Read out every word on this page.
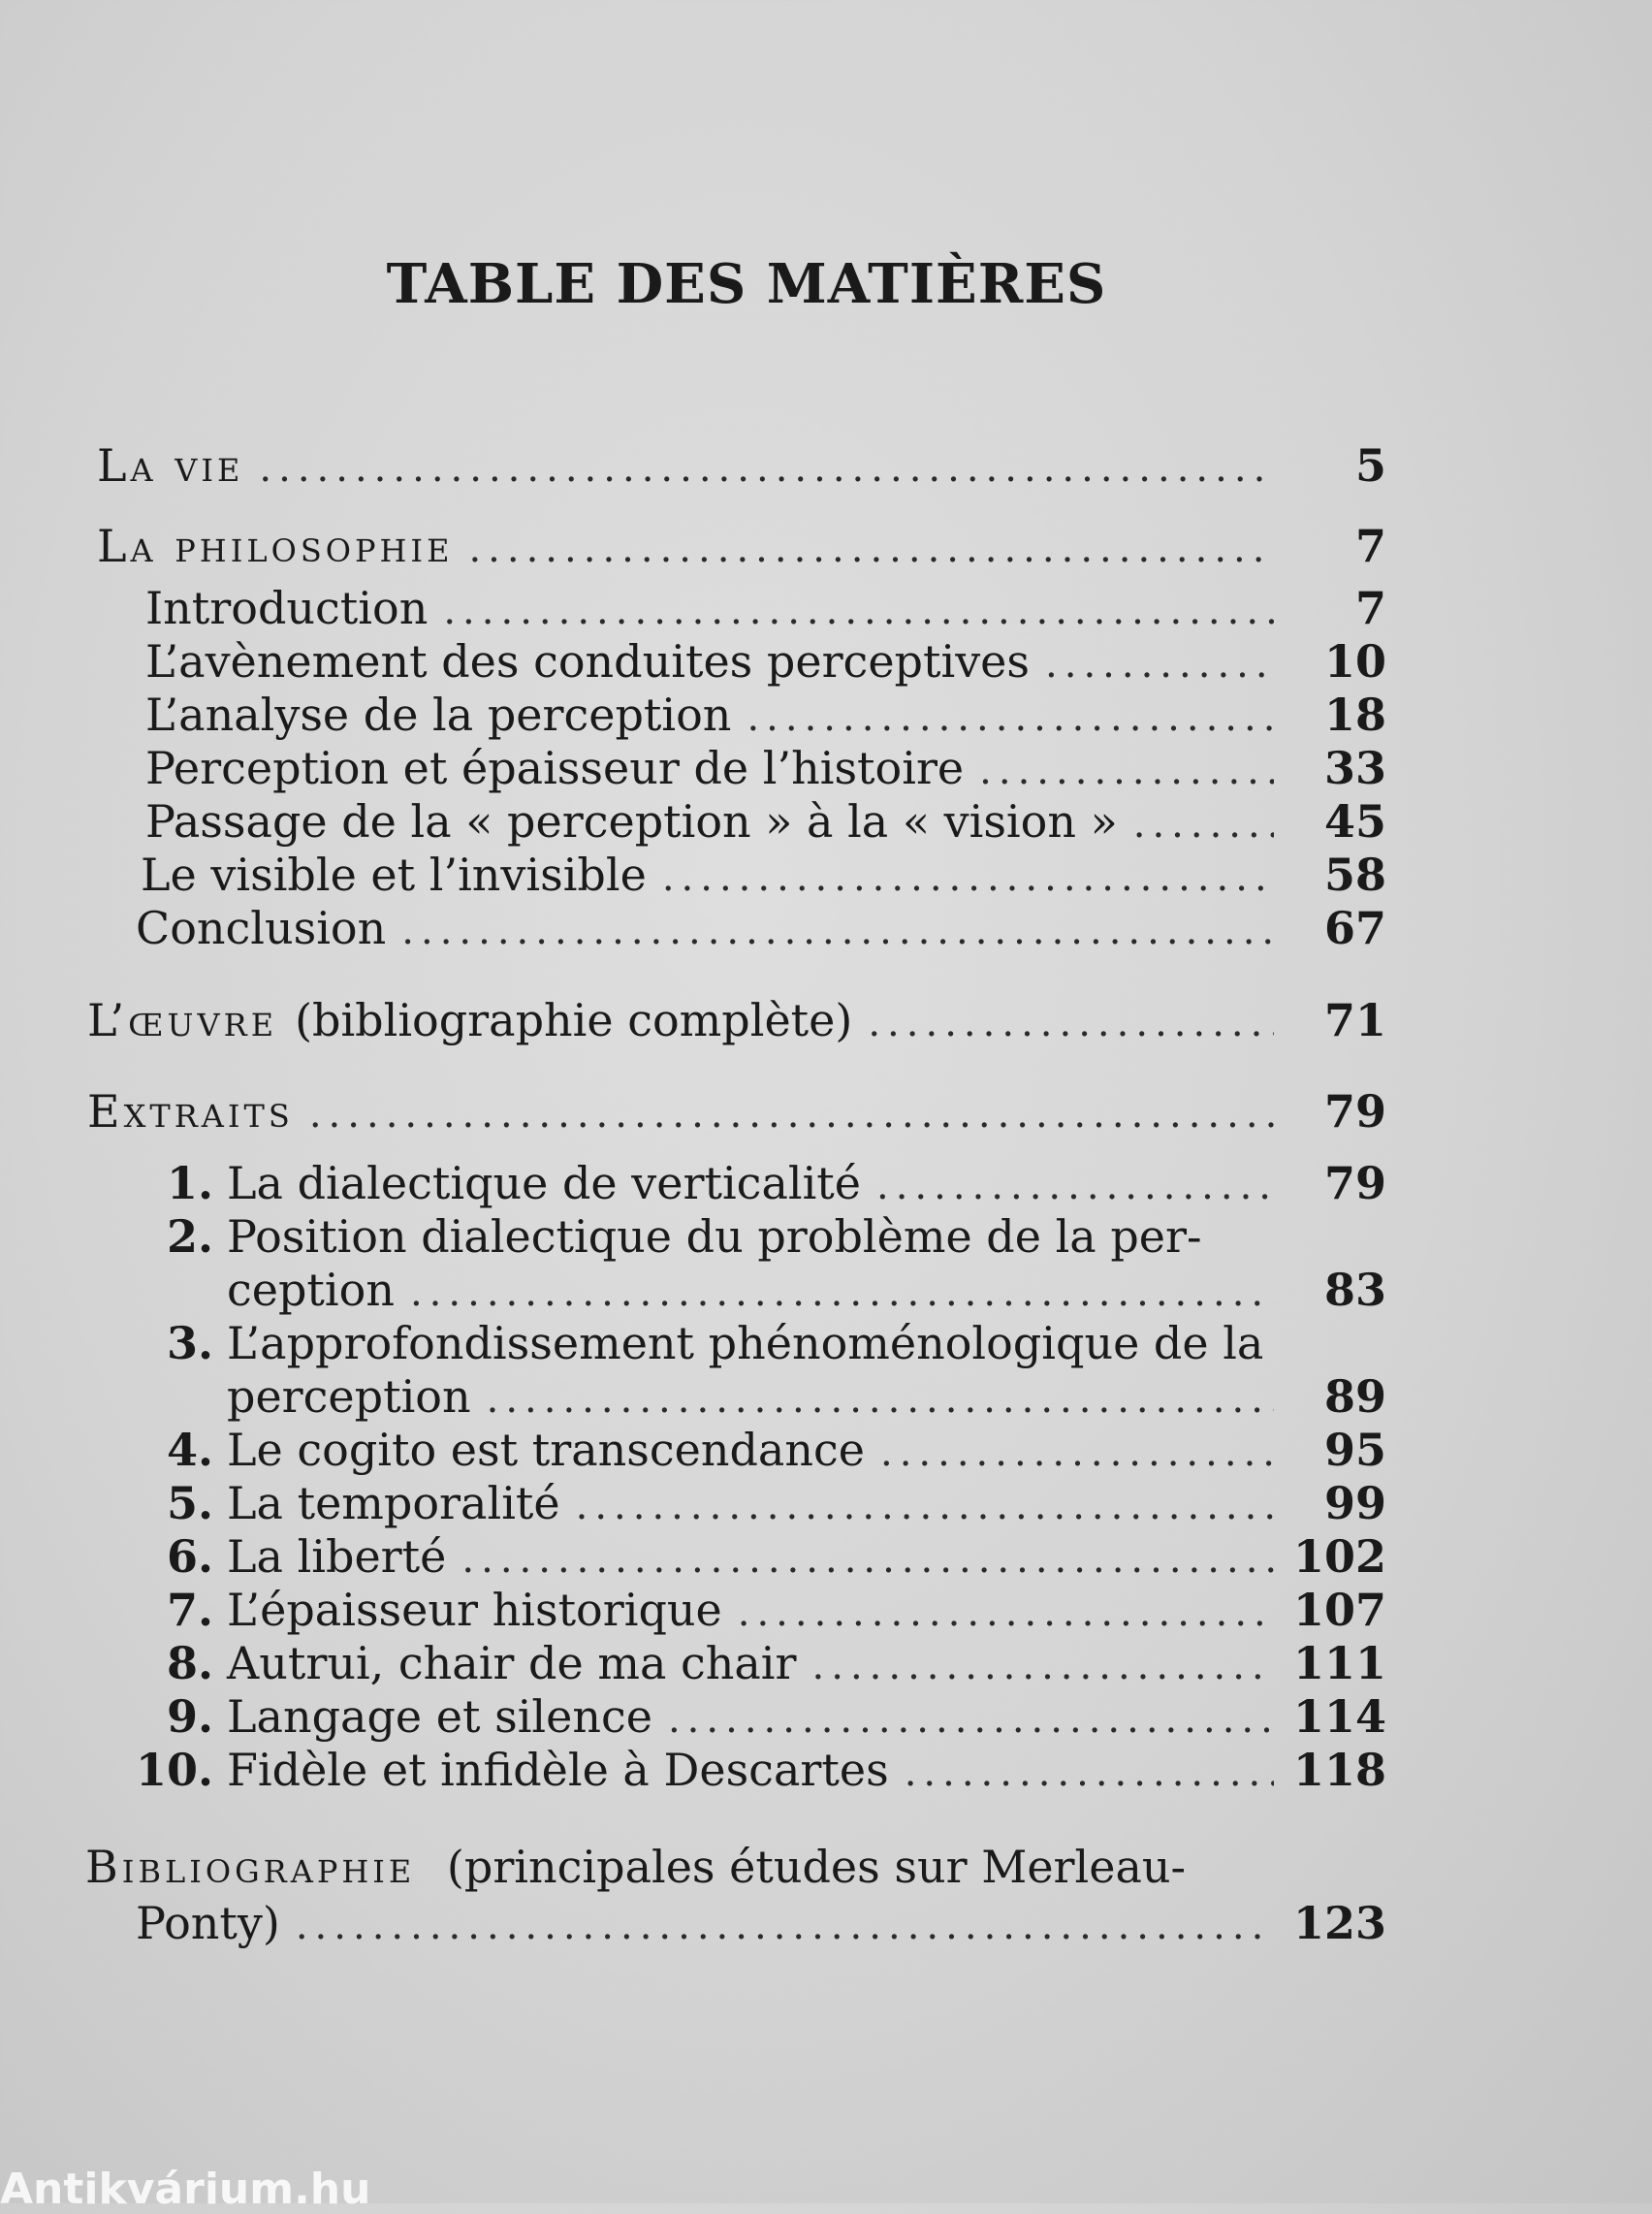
TABLE DES MATIÈRES
La vie .....	5
La philosophie .....	7
Introduction .....	7
L’avènement des conduites perceptives .....	10
L’analyse de la perception .....	18
Perception et épaisseur de l’histoire .....	33
Passage de la « perception » à la « vision » .....	45
Le visible et l’invisible .....	58
Conclusion .....	67
L’œuvre (bibliographie complète) .....	71
Extraits .....	79
1. La dialectique de verticalité .....	79
2. Position dialectique du problème de la per-
ception .....	83
3. L’approfondissement phénoménologique de la
perception .....	89
4. Le cogito est transcendance .....	95
5. La temporalité .....	99
6. La liberté .....	102
7. L’épaisseur historique .....	107
8. Autrui, chair de ma chair .....	111
9. Langage et silence .....	114
10. Fidèle et infidèle à Descartes .....	118
Bibliographie (principales études sur Merleau-
Ponty) .....	123
Antikvárium.hu
